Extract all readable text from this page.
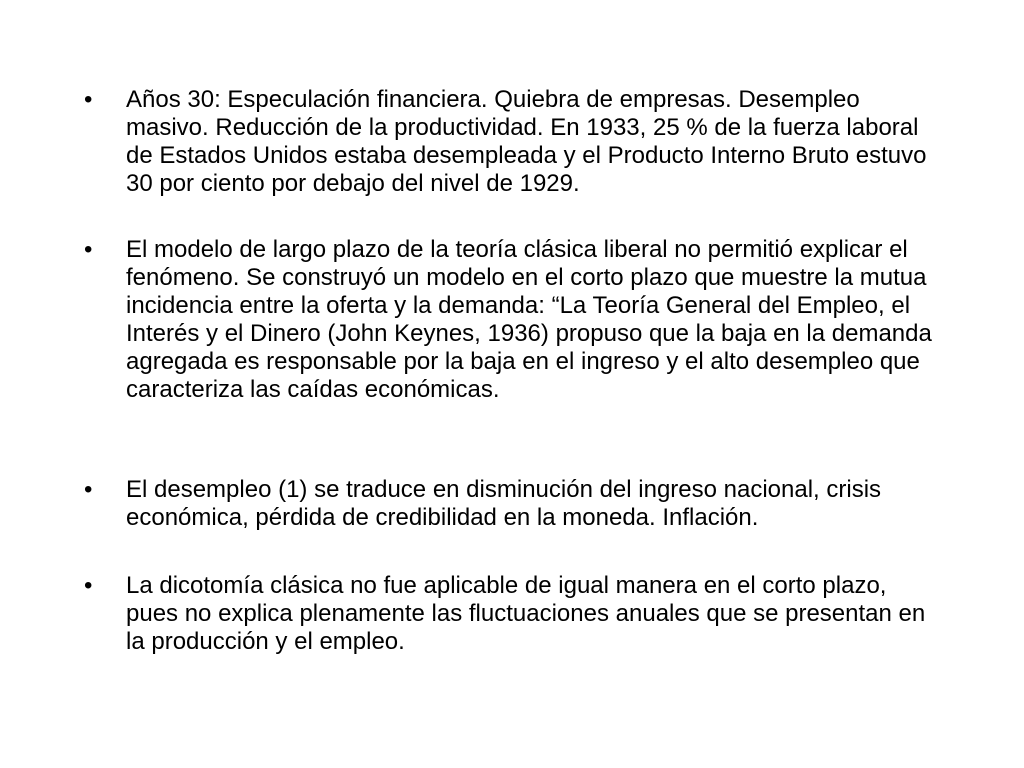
•	Años 30: Especulación financiera. Quiebra de empresas. Desempleo masivo. Reducción de la productividad. En 1933, 25 % de la fuerza laboral de Estados Unidos estaba desempleada y el Producto Interno Bruto estuvo 30 por ciento por debajo del nivel de 1929.
•	El modelo de largo plazo de la teoría clásica liberal no permitió explicar el fenómeno. Se construyó un modelo en el corto plazo que muestre la mutua incidencia entre la oferta y la demanda: “La Teoría General del Empleo, el Interés y el Dinero (John Keynes, 1936) propuso que la baja en la demanda agregada es responsable por la baja en el ingreso y el alto desempleo que caracteriza las caídas económicas.
•	El desempleo (1) se traduce en disminución del ingreso nacional, crisis económica, pérdida de credibilidad en la moneda. Inflación.
•	La dicotomía clásica no fue aplicable de igual manera en el corto plazo, pues no explica plenamente las fluctuaciones anuales que se presentan en la producción y el empleo.
